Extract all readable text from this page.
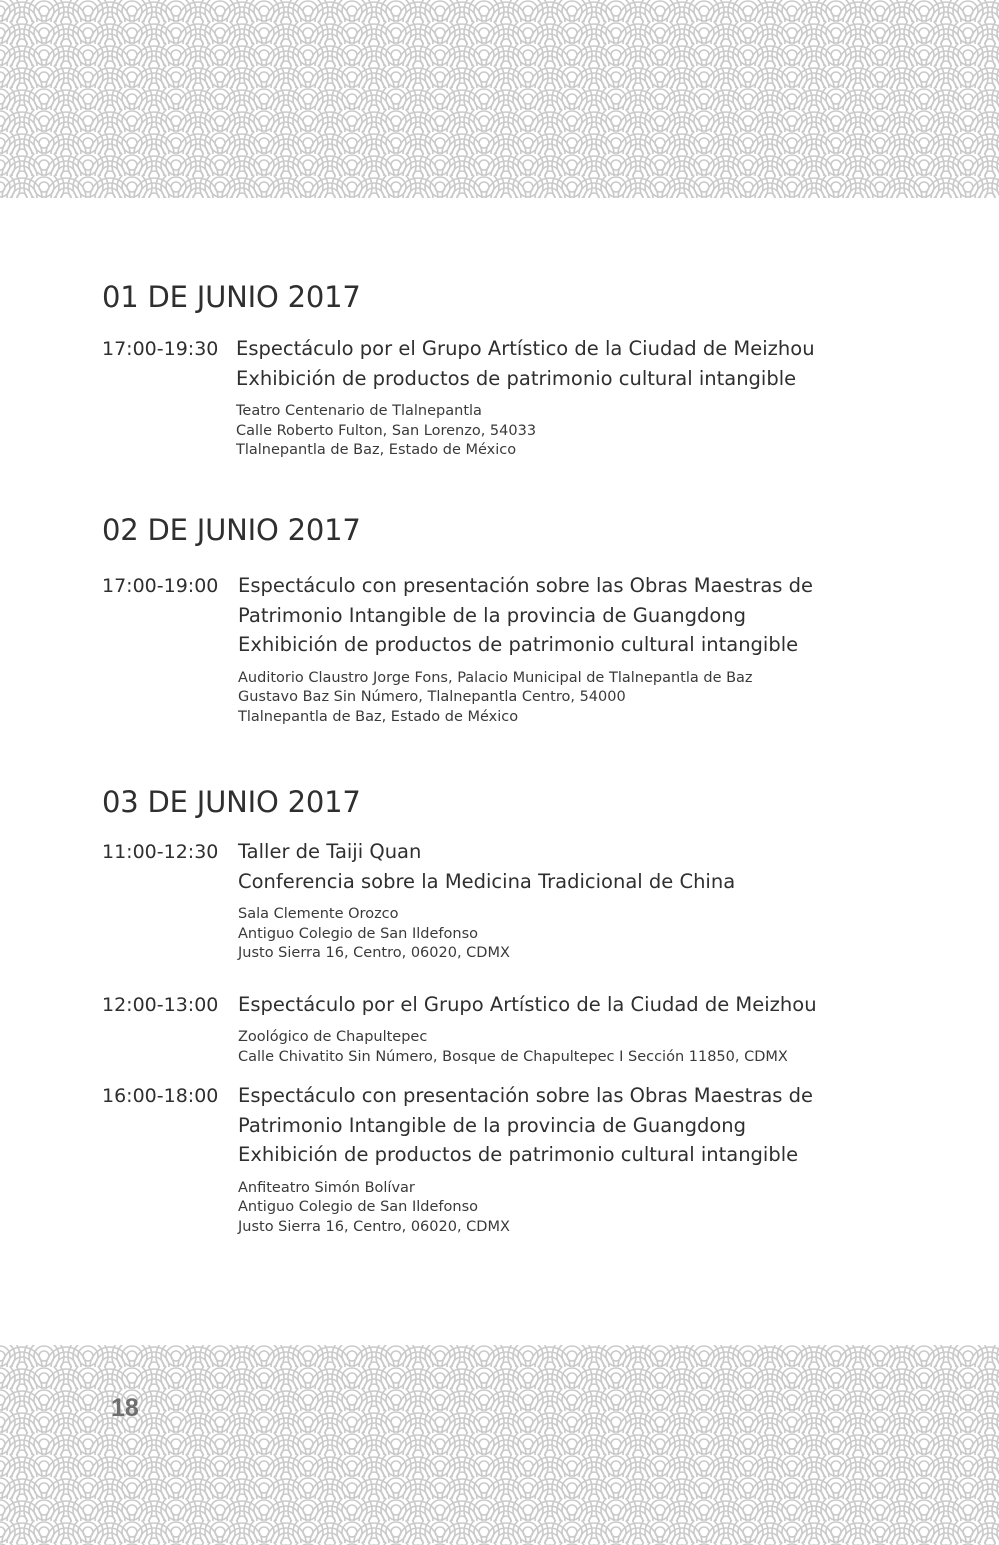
01 DE JUNIO 2017
17:00-19:30 Espectáculo por el Grupo Artístico de la Ciudad de Meizhou
Exhibición de productos de patrimonio cultural intangible
Teatro Centenario de Tlalnepantla
Calle Roberto Fulton, San Lorenzo, 54033
Tlalnepantla de Baz, Estado de México
02 DE JUNIO 2017
17:00-19:00 Espectáculo con presentación sobre las Obras Maestras de
Patrimonio Intangible de la provincia de Guangdong
Exhibición de productos de patrimonio cultural intangible
Auditorio Claustro Jorge Fons, Palacio Municipal de Tlalnepantla de Baz
Gustavo Baz Sin Número, Tlalnepantla Centro, 54000
Tlalnepantla de Baz, Estado de México
03 DE JUNIO 2017
11:00-12:30 Taller de Taiji Quan
Conferencia sobre la Medicina Tradicional de China
Sala Clemente Orozco
Antiguo Colegio de San Ildefonso
Justo Sierra 16, Centro, 06020, CDMX
12:00-13:00 Espectáculo por el Grupo Artístico de la Ciudad de Meizhou
Zoológico de Chapultepec
Calle Chivatito Sin Número, Bosque de Chapultepec I Sección 11850, CDMX
16:00-18:00 Espectáculo con presentación sobre las Obras Maestras de
Patrimonio Intangible de la provincia de Guangdong
Exhibición de productos de patrimonio cultural intangible
Anfiteatro Simón Bolívar
Antiguo Colegio de San Ildefonso
Justo Sierra 16, Centro, 06020, CDMX
18
